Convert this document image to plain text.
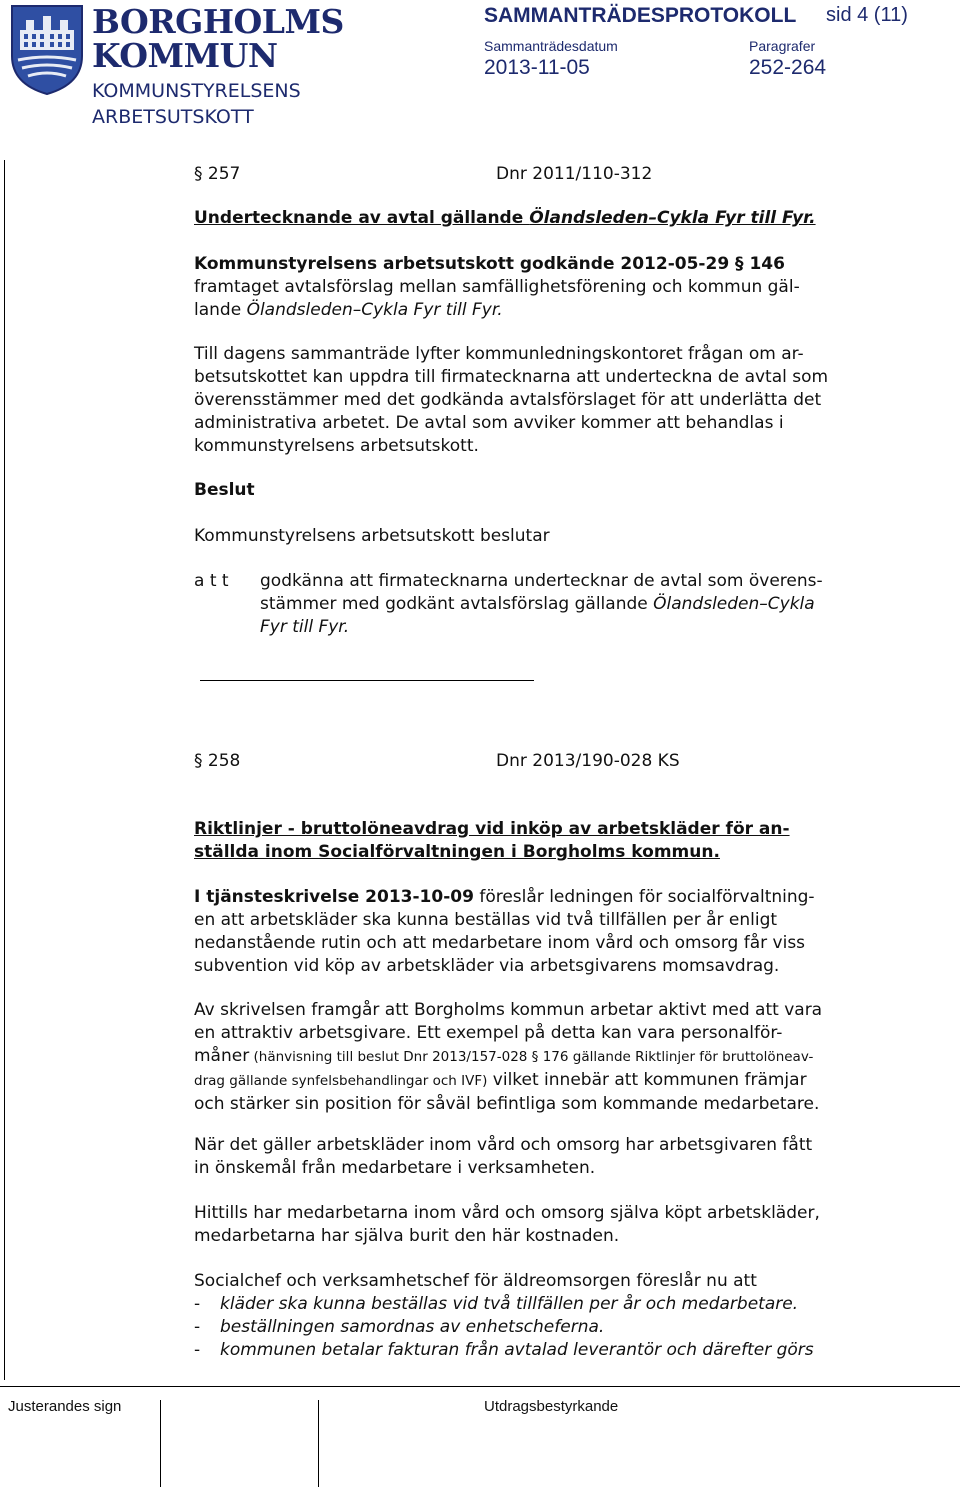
BORGHOLMS
KOMMUN
KOMMUNSTYRELSENS
ARBETSUTSKOTT
SAMMANTRÄDESPROTOKOLL sid 4 (11)
Sammanträdesdatum
2013-11-05
Paragrafer
252-264
§ 257	Dnr 2011/110-312
Undertecknande av avtal gällande Ölandsleden–Cykla Fyr till Fyr.
Kommunstyrelsens arbetsutskott godkände 2012-05-29 § 146
framtaget avtalsförslag mellan samfällighetsförening och kommun gäl-
lande Ölandsleden–Cykla Fyr till Fyr.
Till dagens sammanträde lyfter kommunledningskontoret frågan om ar-
betsutskottet kan uppdra till firmatecknarna att underteckna de avtal som
överensstämmer med det godkända avtalsförslaget för att underlätta det
administrativa arbetet. De avtal som avviker kommer att behandlas i
kommunstyrelsens arbetsutskott.
Beslut
Kommunstyrelsens arbetsutskott beslutar
a t t	godkänna att firmatecknarna undertecknar de avtal som överens-
stämmer med godkänt avtalsförslag gällande Ölandsleden–Cykla
Fyr till Fyr.
§ 258	Dnr 2013/190-028 KS
Riktlinjer - bruttolöneavdrag vid inköp av arbetskläder för an-
ställda inom Socialförvaltningen i Borgholms kommun.
I tjänsteskrivelse 2013-10-09 föreslår ledningen för socialförvaltning-
en att arbetskläder ska kunna beställas vid två tillfällen per år enligt
nedanstående rutin och att medarbetare inom vård och omsorg får viss
subvention vid köp av arbetskläder via arbetsgivarens momsavdrag.
Av skrivelsen framgår att Borgholms kommun arbetar aktivt med att vara
en attraktiv arbetsgivare. Ett exempel på detta kan vara personalför-
måner (hänvisning till beslut Dnr 2013/157-028 § 176 gällande Riktlinjer för bruttolöneav-
drag gällande synfelsbehandlingar och IVF) vilket innebär att kommunen främjar
och stärker sin position för såväl befintliga som kommande medarbetare.
När det gäller arbetskläder inom vård och omsorg har arbetsgivaren fått
in önskemål från medarbetare i verksamheten.
Hittills har medarbetarna inom vård och omsorg själva köpt arbetskläder,
medarbetarna har själva burit den här kostnaden.
Socialchef och verksamhetschef för äldreomsorgen föreslår nu att
- kläder ska kunna beställas vid två tillfällen per år och medarbetare.
- beställningen samordnas av enhetscheferna.
- kommunen betalar fakturan från avtalad leverantör och därefter görs
Justerandes sign	Utdragsbestyrkande
